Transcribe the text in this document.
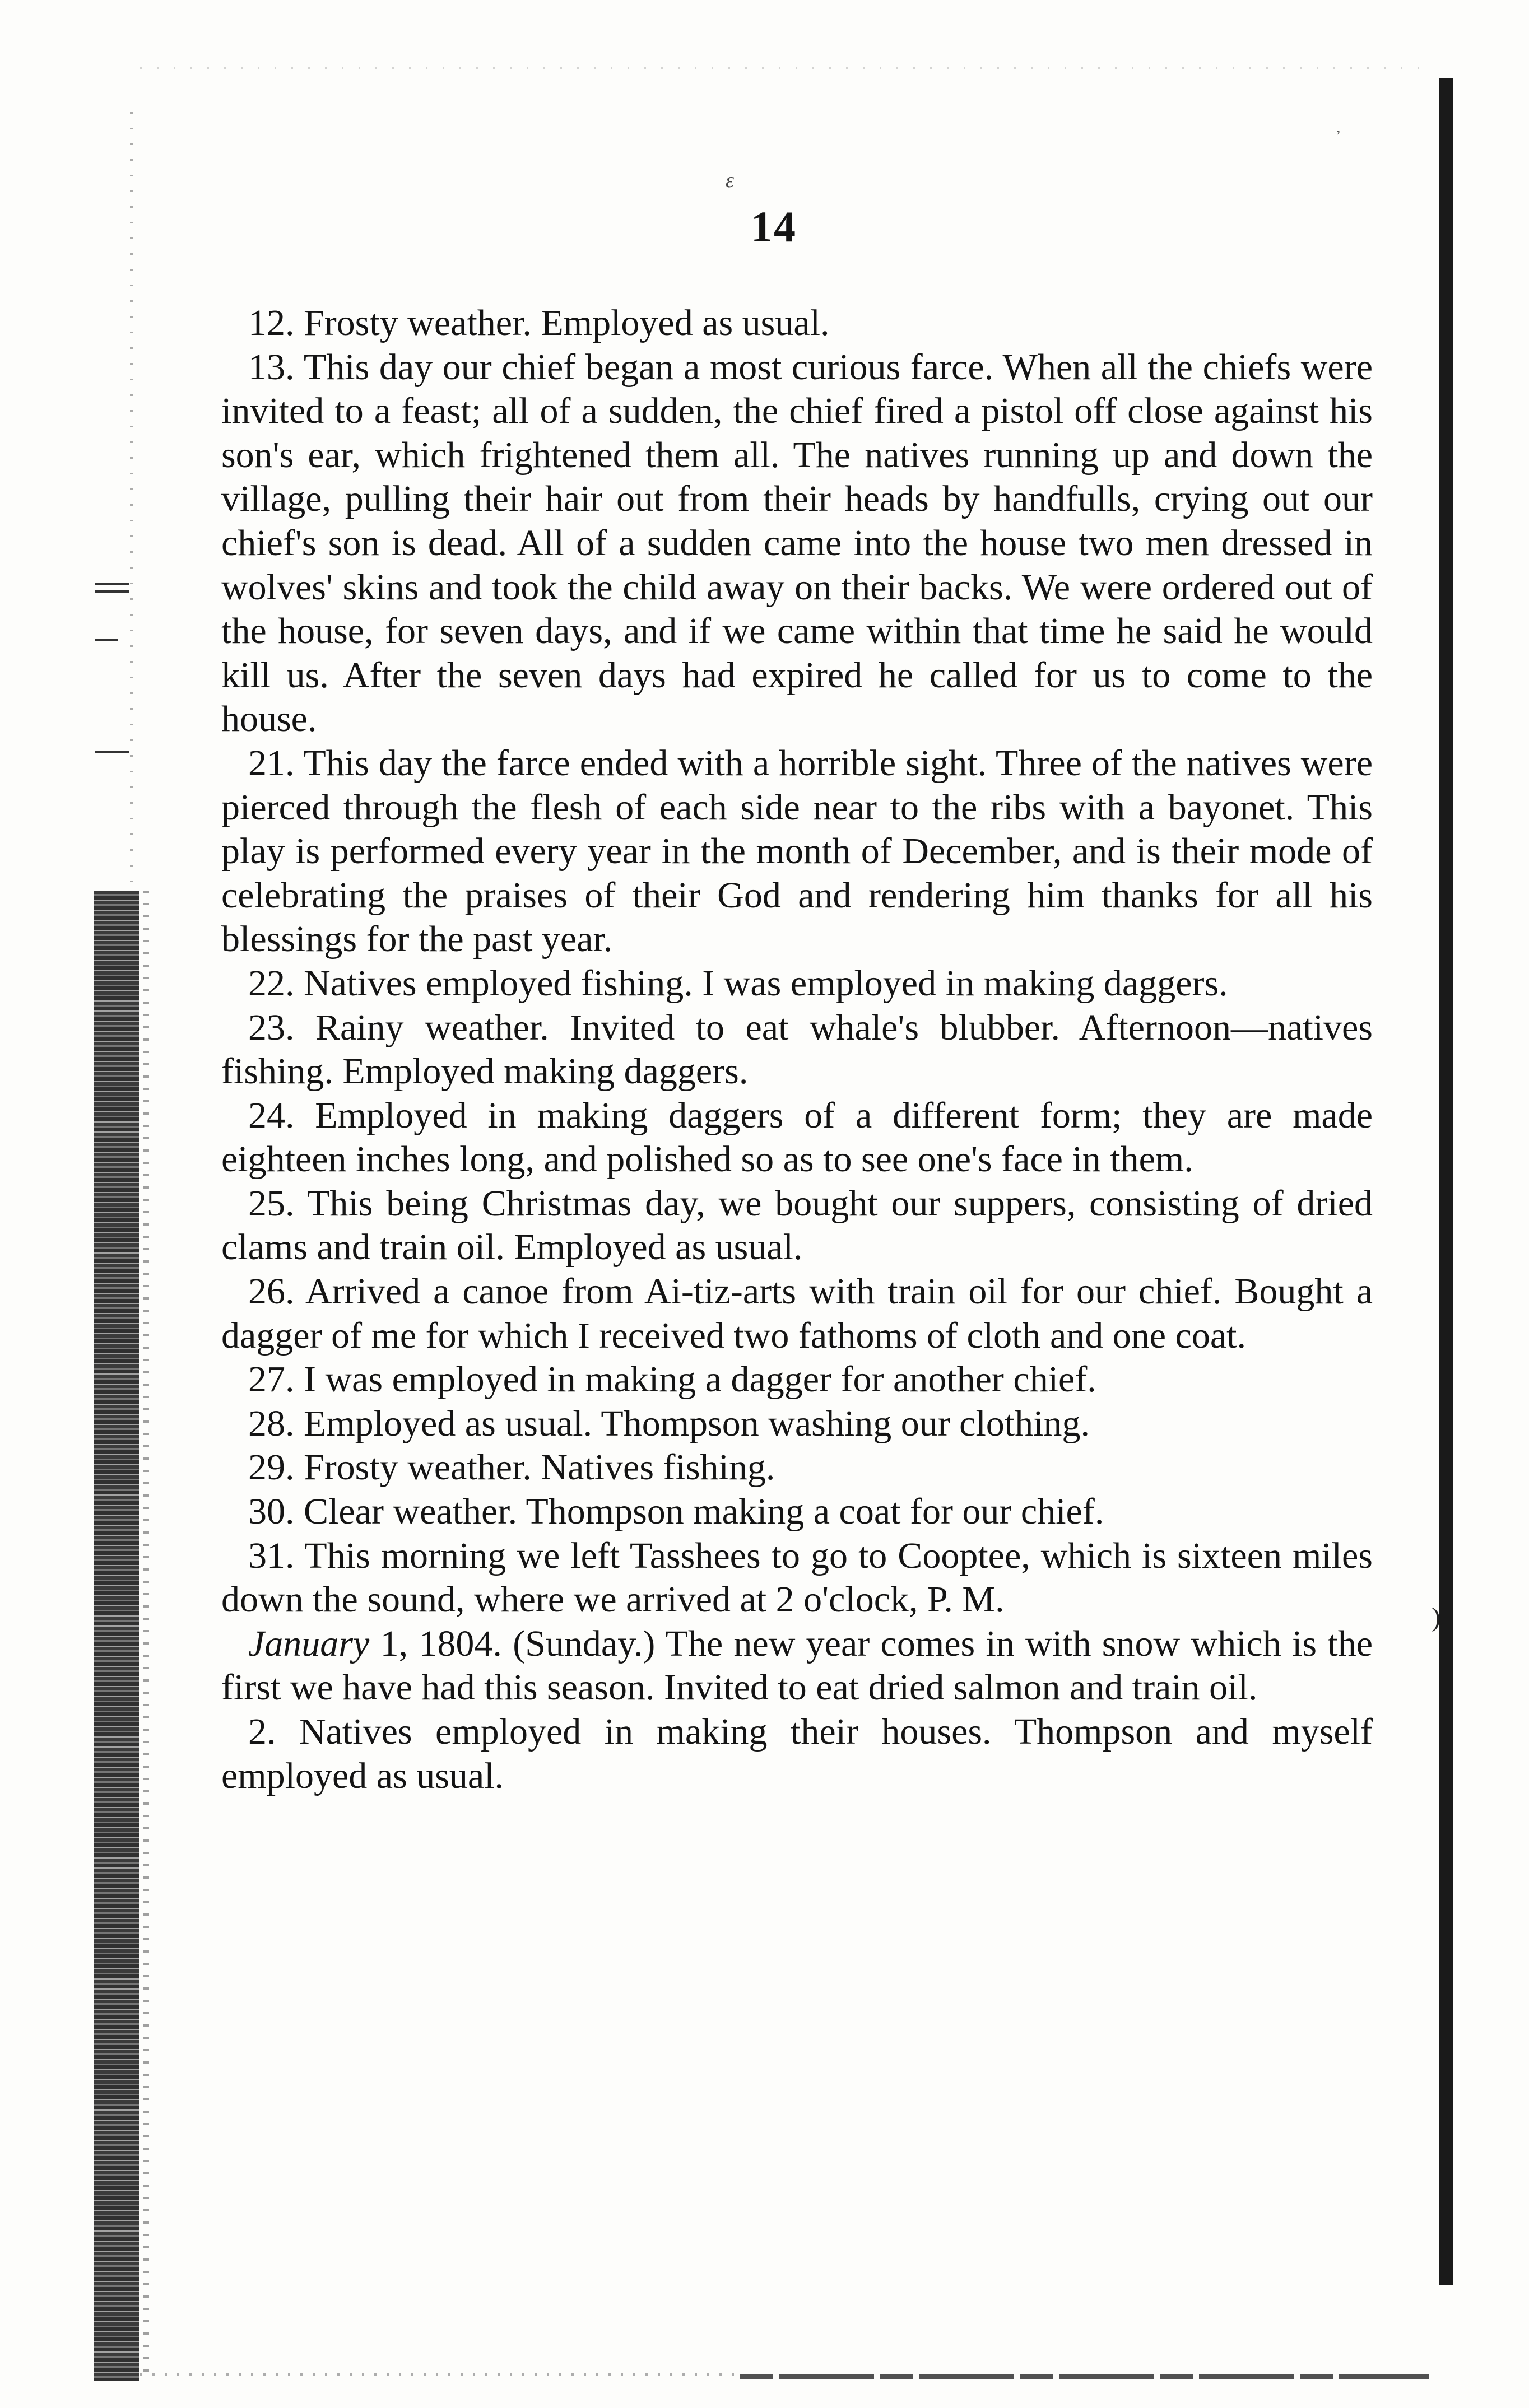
ε
,
)
14

12. Frosty weather. Employed as usual.

13. This day our chief began a most curious farce. When all the chiefs were invited to a feast; all of a sudden, the chief fired a pistol off close against his son's ear, which frightened them all. The natives running up and down the village, pulling their hair out from their heads by handfulls, crying out our chief's son is dead. All of a sudden came into the house two men dressed in wolves' skins and took the child away on their backs. We were ordered out of the house, for seven days, and if we came within that time he said he would kill us. After the seven days had expired he called for us to come to the house.

21. This day the farce ended with a horrible sight. Three of the natives were pierced through the flesh of each side near to the ribs with a bayonet. This play is performed every year in the month of December, and is their mode of celebrating the praises of their God and rendering him thanks for all his blessings for the past year.

22. Natives employed fishing. I was employed in making daggers.

23. Rainy weather. Invited to eat whale's blubber. Afternoon—natives fishing. Employed making daggers.

24. Employed in making daggers of a different form; they are made eighteen inches long, and polished so as to see one's face in them.

25. This being Christmas day, we bought our suppers, consisting of dried clams and train oil. Employed as usual.

26. Arrived a canoe from Ai-tiz-arts with train oil for our chief. Bought a dagger of me for which I received two fathoms of cloth and one coat.

27. I was employed in making a dagger for another chief.

28. Employed as usual. Thompson washing our clothing.

29. Frosty weather. Natives fishing.

30. Clear weather. Thompson making a coat for our chief.

31. This morning we left Tasshees to go to Cooptee, which is sixteen miles down the sound, where we arrived at 2 o'clock, P. M.

January 1, 1804. (Sunday.) The new year comes in with snow which is the first we have had this season. Invited to eat dried salmon and train oil.

2. Natives employed in making their houses. Thompson and myself employed as usual.
